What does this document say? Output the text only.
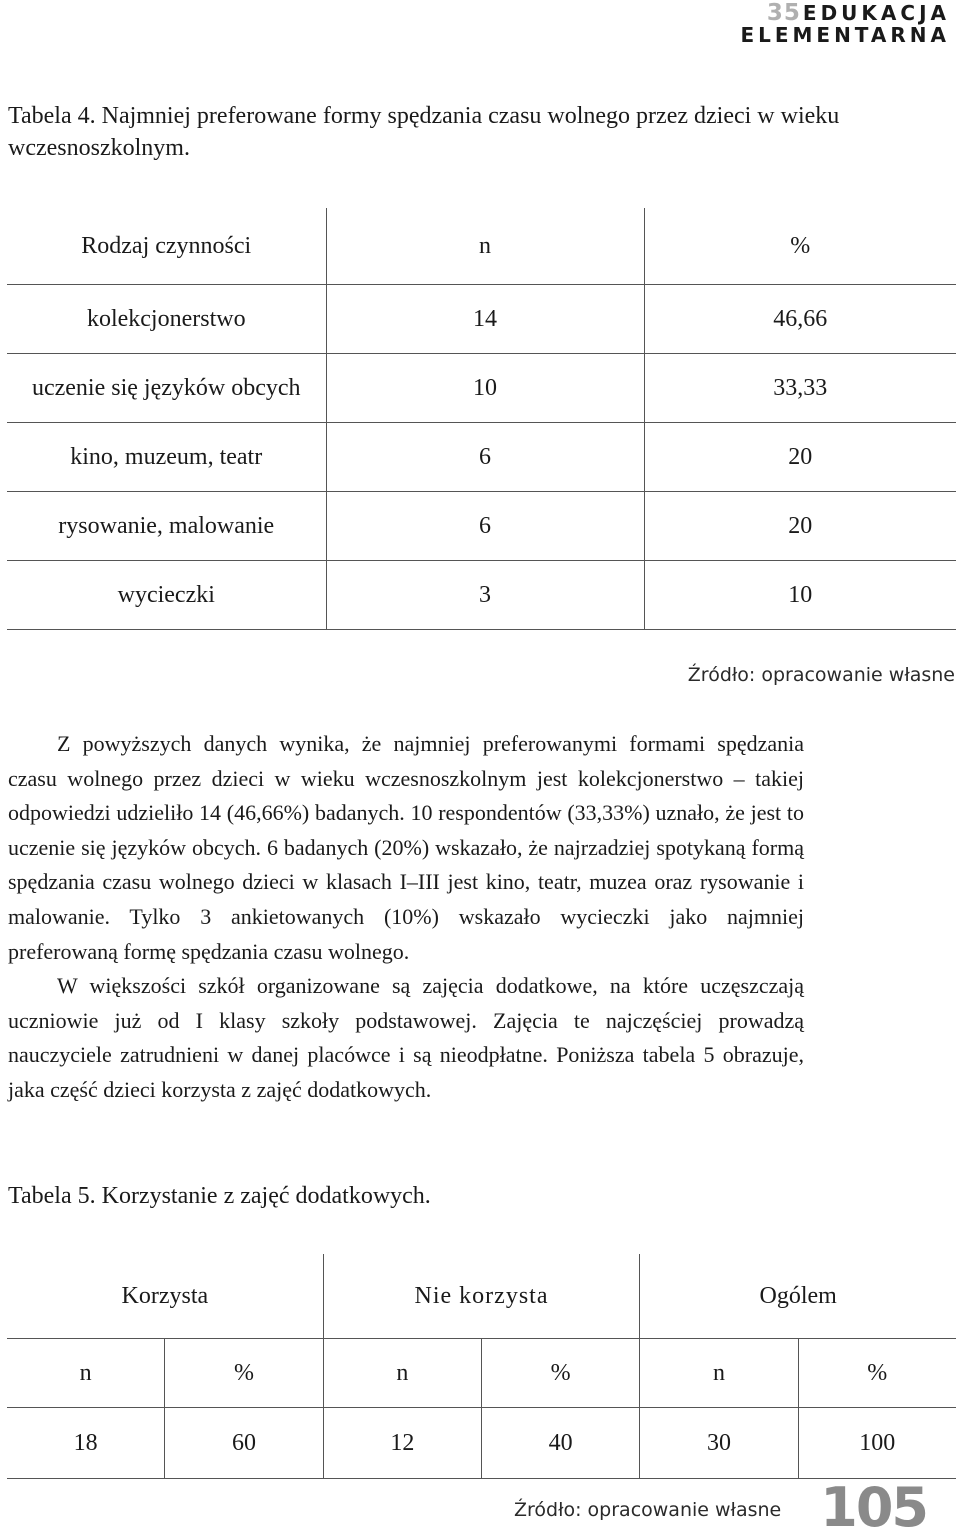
35 EDUKACJA
ELEMENTARNA
Tabela 4. Najmniej preferowane formy spędzania czasu wolnego przez dzieci w wieku wczesnoszkolnym.
Rodzaj czynności	n	%
kolekcjonerstwo	14	46,66
uczenie się języków obcych	10	33,33
kino, muzeum, teatr	6	20
rysowanie, malowanie	6	20
wycieczki	3	10
Źródło: opracowanie własne

Z powyższych danych wynika, że najmniej preferowanymi formami spędzania czasu wolnego przez dzieci w wieku wczesnoszkolnym jest kolekcjonerstwo – takiej odpowiedzi udzieliło 14 (46,66%) badanych. 10 respondentów (33,33%) uznało, że jest to uczenie się języków obcych. 6 badanych (20%) wskazało, że najrzadziej spotykaną formą spędzania czasu wolnego dzieci w klasach I–III jest kino, teatr, muzea oraz rysowanie i malowanie. Tylko 3 ankietowanych (10%) wskazało wycieczki jako najmniej preferowaną formę spędzania czasu wolnego.

W większości szkół organizowane są zajęcia dodatkowe, na które uczęszczają uczniowie już od I klasy szkoły podstawowej. Zajęcia te najczęściej prowadzą nauczyciele zatrudnieni w danej placówce i są nieodpłatne. Poniższa tabela 5 obrazuje, jaka część dzieci korzysta z zajęć dodatkowych.

Tabela 5. Korzystanie z zajęć dodatkowych.
Korzysta		Nie korzysta		Ogólem	
n	%	n	%	n	%
18	60	12	40	30	100
Źródło: opracowanie własne 105
